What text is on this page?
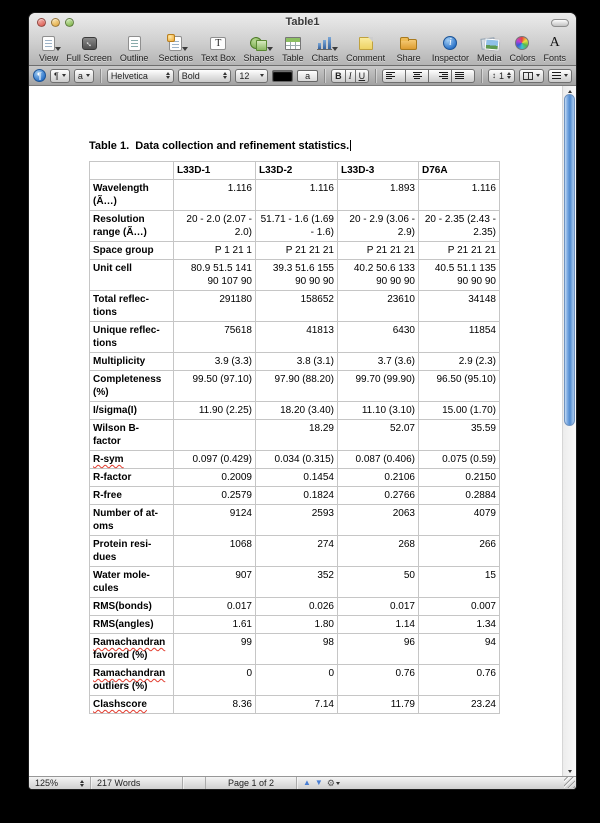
Table1
View
↔ Full Screen Outline Sections
T Text Box Shapes Table Charts Comment Share
i Inspector Media Colors
A Fonts
¶	¶ a	Helvetica	Bold	12	a	B I U	↕ 1
Table 1.  Data collection and refinement statistics.
	L33D-1	L33D-2	L33D-3	D76A
Wavelength
(Ã…)	1.116	1.116	1.893	1.116
Resolution
range (Ã…)	20 - 2.0 (2.07 - 2.0)	51.71 - 1.6 (1.69 - 1.6)	20 - 2.9 (3.06 - 2.9)	20 - 2.35 (2.43 - 2.35)
Space group	P 1 21 1	P 21 21 21	P 21 21 21	P 21 21 21
Unit cell	80.9 51.5 141 90 107 90	39.3 51.6 155 90 90 90	40.2 50.6 133 90 90 90	40.5 51.1 135 90 90 90
Total reflec-
tions	291180	158652	23610	34148
Unique reflec-
tions	75618	41813	6430	11854
Multiplicity	3.9 (3.3)	3.8 (3.1)	3.7 (3.6)	2.9 (2.3)
Completeness
(%)	99.50 (97.10)	97.90 (88.20)	99.70 (99.90)	96.50 (95.10)
I/sigma(I)	11.90 (2.25)	18.20 (3.40)	11.10 (3.10)	15.00 (1.70)
Wilson B-
factor		18.29	52.07	35.59
R-sym	0.097 (0.429)	0.034 (0.315)	0.087 (0.406)	0.075 (0.59)
R-factor	0.2009	0.1454	0.2106	0.2150
R-free	0.2579	0.1824	0.2766	0.2884
Number of at-
oms	9124	2593	2063	4079
Protein resi-
dues	1068	274	268	266
Water mole-
cules	907	352	50	15
RMS(bonds)	0.017	0.026	0.017	0.007
RMS(angles)	1.61	1.80	1.14	1.34
Ramachandran
favored (%)	99	98	96	94
Ramachandran
outliers (%)	0	0	0.76	0.76
Clashscore	8.36	7.14	11.79	23.24
125%	217 Words	Page 1 of 2	▲ ▼ ⚙
